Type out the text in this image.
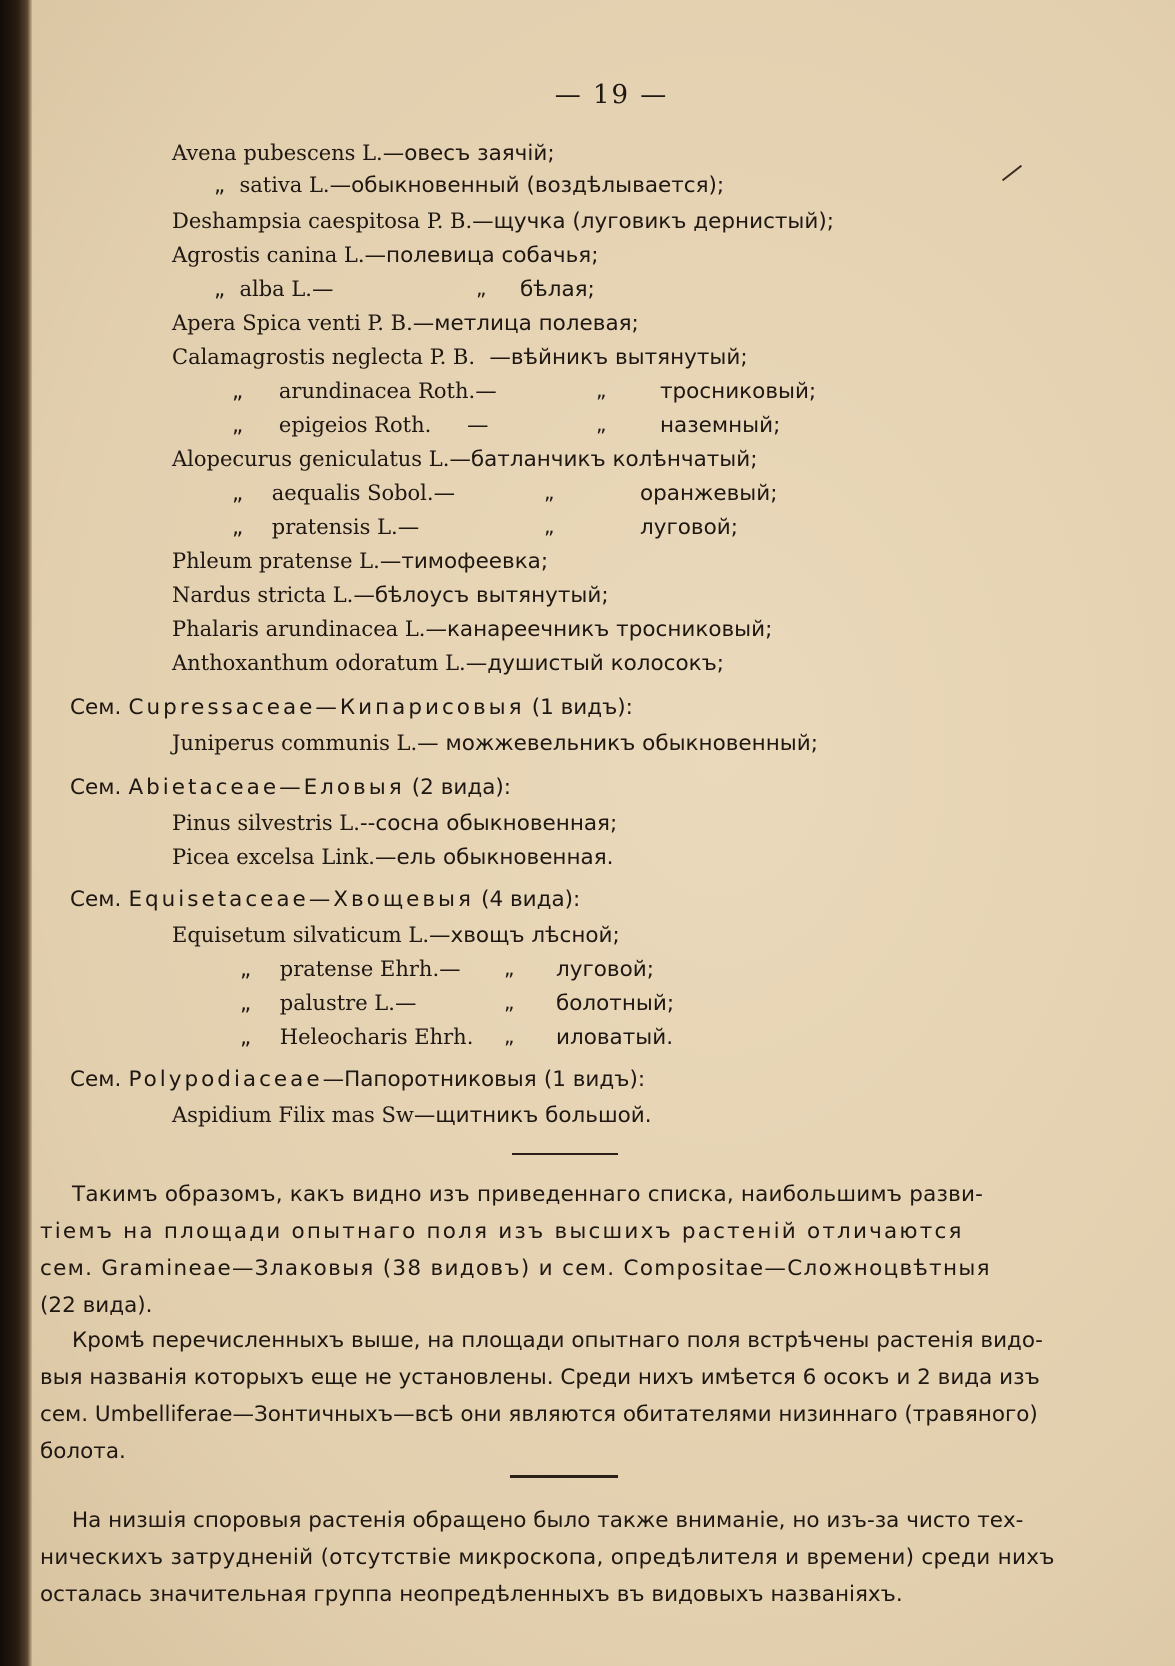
— 19 —
Avena pubescens L.—овесъ заячій;
„ sativa L.—обыкновенный (воздѣлывается);
Deshampsia caespitosa P. B.—щучка (луговикъ дернистый);
Agrostis canina L.—полевица собачья;
„ alba L.—	„ бѣлая;
Apera Spica venti P. B.—метлица полевая;
Calamagrostis neglecta P. B. —вѣйникъ вытянутый;
„ arundinacea Roth.—	„ тросниковый;
„ epigeios Roth. —	„ наземный;
Alopecurus geniculatus L.—батланчикъ колѣнчатый;
„ aequalis Sobol.—	„	оранжевый;
„ pratensis L.—	„	луговой;
Phleum pratense L.—тимофеевка;
Nardus stricta L.—бѣлоусъ вытянутый;
Phalaris arundinacea L.—канареечникъ тросниковый;
Anthoxanthum odoratum L.—душистый колосокъ;
Сем. Cupressaceae—Кипарисовыя (1 видъ):
Juniperus communis L.— можжевельникъ обыкновенный;
Сем. Abietaceae—Еловыя (2 вида):
Pinus silvestris L.--сосна обыкновенная;
Picea excelsa Link.—ель обыкновенная.
Сем. Equisetaceae—Хвощевыя (4 вида):
Equisetum silvaticum L.—хвощъ лѣсной;
„ pratense Ehrh.— „ луговой;
„ palustre L.—	„ болотный;
„ Heleocharis Ehrh. „ иловатый.
Сем. Polypodiaceae—Папоротниковыя (1 видъ):
Aspidium Filix mas Sw—щитникъ большой.
Такимъ образомъ, какъ видно изъ приведеннаго списка, наибольшимъ разви-
тіемъ на площади опытнаго поля изъ высшихъ растеній отличаются
сем. Gramineae—Злаковыя (38 видовъ) и сем. Compositae—Сложноцвѣтныя
(22 вида).
Кромѣ перечисленныхъ выше, на площади опытнаго поля встрѣчены растенія видо-
выя названія которыхъ еще не установлены. Среди нихъ имѣется 6 осокъ и 2 вида изъ
сем. Umbelliferae—Зонтичныхъ—всѣ они являются обитателями низиннаго (травяного)
болота.
На низшія споровыя растенія обращено было также вниманіе, но изъ-за чисто тех-
ническихъ затрудненій (отсутствіе микроскопа, опредѣлителя и времени) среди нихъ
осталась значительная группа неопредѣленныхъ въ видовыхъ названіяхъ.
